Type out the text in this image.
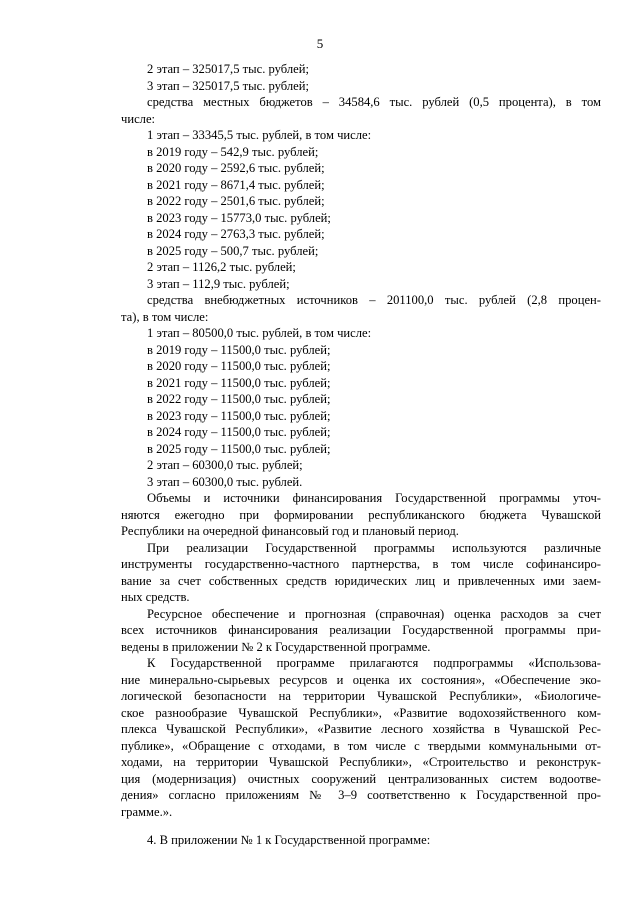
5
2 этап – 325017,5 тыс. рублей;
3 этап – 325017,5 тыс. рублей;
средства местных бюджетов – 34584,6 тыс. рублей (0,5 процента), в том
числе:
1 этап – 33345,5 тыс. рублей, в том числе:
в 2019 году – 542,9 тыс. рублей;
в 2020 году – 2592,6 тыс. рублей;
в 2021 году – 8671,4 тыс. рублей;
в 2022 году – 2501,6 тыс. рублей;
в 2023 году – 15773,0 тыс. рублей;
в 2024 году – 2763,3 тыс. рублей;
в 2025 году – 500,7 тыс. рублей;
2 этап – 1126,2 тыс. рублей;
3 этап – 112,9 тыс. рублей;
средства внебюджетных источников – 201100,0 тыс. рублей (2,8 процен-
та), в том числе:
1 этап – 80500,0 тыс. рублей, в том числе:
в 2019 году – 11500,0 тыс. рублей;
в 2020 году – 11500,0 тыс. рублей;
в 2021 году – 11500,0 тыс. рублей;
в 2022 году – 11500,0 тыс. рублей;
в 2023 году – 11500,0 тыс. рублей;
в 2024 году – 11500,0 тыс. рублей;
в 2025 году – 11500,0 тыс. рублей;
2 этап – 60300,0 тыс. рублей;
3 этап – 60300,0 тыс. рублей.
Объемы и источники финансирования Государственной программы уточ-
няются ежегодно при формировании республиканского бюджета Чувашской
Республики на очередной финансовый год и плановый период.
При реализации Государственной программы используются различные
инструменты государственно-частного партнерства, в том числе софинансиро-
вание за счет собственных средств юридических лиц и привлеченных ими заем-
ных средств.
Ресурсное обеспечение и прогнозная (справочная) оценка расходов за счет
всех источников финансирования реализации Государственной программы при-
ведены в приложении № 2 к Государственной программе.
К Государственной программе прилагаются подпрограммы «Использова-
ние минерально-сырьевых ресурсов и оценка их состояния», «Обеспечение эко-
логической безопасности на территории Чувашской Республики», «Биологиче-
ское разнообразие Чувашской Республики», «Развитие водохозяйственного ком-
плекса Чувашской Республики», «Развитие лесного хозяйства в Чувашской Рес-
публике», «Обращение с отходами, в том числе с твердыми коммунальными от-
ходами, на территории Чувашской Республики», «Строительство и реконструк-
ция (модернизация) очистных сооружений централизованных систем водоотве-
дения» согласно приложениям № 3–9 соответственно к Государственной про-
грамме.».
4. В приложении № 1 к Государственной программе:
